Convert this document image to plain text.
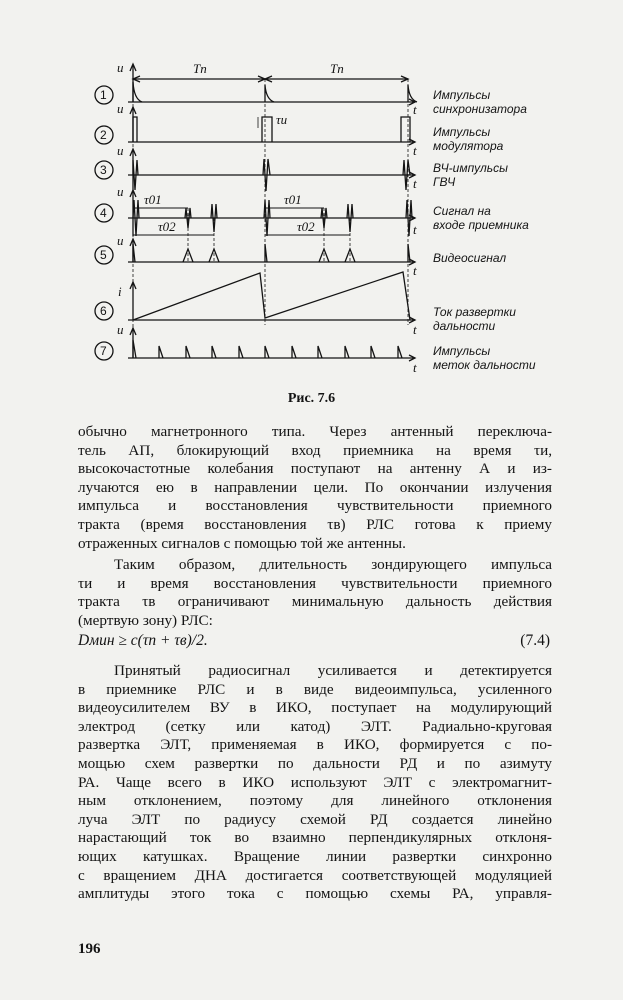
Tп	Tп
τи
τ01
τ02
τ01
τ02
u
u
u
u
u
i
u
t
t
t
t
t
t
t
1
2
3
4
5
6
7
Импульсы
синхронизатора
Импульсы
модулятора
ВЧ-импульсы
ГВЧ
Сигнал на
входе приемника
Видеосигнал
Ток развертки
дальности
Импульсы
меток дальности
Рис. 7.6
обычно магнетронного типа. Через антенный переключа-
тель АП, блокирующий вход приемника на время τи,
высокочастотные колебания поступают на антенну А и из-
лучаются ею в направлении цели. По окончании излучения
импульса и восстановления чувствительности приемного
тракта (время восстановления τв) РЛС готова к приему
отраженных сигналов с помощью той же антенны.
Таким образом, длительность зондирующего импульса
τи и время восстановления чувствительности приемного
тракта τв ограничивают минимальную дальность действия
(мертвую зону) РЛС:
Dмин ≥ c(τп + τв)/2.	(7.4)
Принятый радиосигнал усиливается и детектируется
в приемнике РЛС и в виде видеоимпульса, усиленного
видеоусилителем ВУ в ИКО, поступает на модулирующий
электрод (сетку или катод) ЭЛТ. Радиально-круговая
развертка ЭЛТ, применяемая в ИКО, формируется с по-
мощью схем развертки по дальности РД и по азимуту
РА. Чаще всего в ИКО используют ЭЛТ с электромагнит-
ным отклонением, поэтому для линейного отклонения
луча ЭЛТ по радиусу схемой РД создается линейно
нарастающий ток во взаимно перпендикулярных отклоня-
ющих катушках. Вращение линии развертки синхронно
с вращением ДНА достигается соответствующей модуляцией
амплитуды этого тока с помощью схемы РА, управля-
196
